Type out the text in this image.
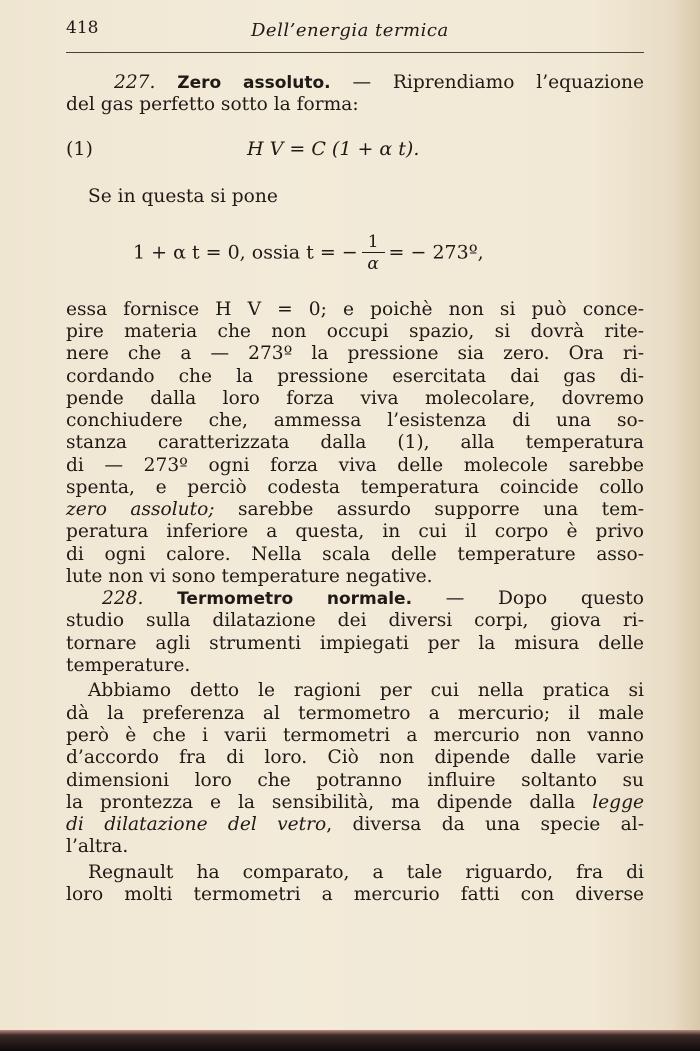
418	Dell’energia termica
227. Zero assoluto. — Riprendiamo l’equazione
del gas perfetto sotto la forma:
(1)	H V = C (1 + α t).
Se in questa si pone
1 + α t = 0, ossia t = − $\frac{1}{\alpha}$ = − 273º,
essa fornisce H V = 0; e poichè non si può conce-
pire materia che non occupi spazio, si dovrà rite-
nere che a — 273º la pressione sia zero. Ora ri-
cordando che la pressione esercitata dai gas di-
pende dalla loro forza viva molecolare, dovremo
conchiudere che, ammessa l’esistenza di una so-
stanza caratterizzata dalla (1), alla temperatura
di — 273º ogni forza viva delle molecole sarebbe
spenta, e perciò codesta temperatura coincide collo
zero assoluto; sarebbe assurdo supporre una tem-
peratura inferiore a questa, in cui il corpo è privo
di ogni calore. Nella scala delle temperature asso-
lute non vi sono temperature negative.
228. Termometro normale. — Dopo questo
studio sulla dilatazione dei diversi corpi, giova ri-
tornare agli strumenti impiegati per la misura delle
temperature.
Abbiamo detto le ragioni per cui nella pratica si
dà la preferenza al termometro a mercurio; il male
però è che i varii termometri a mercurio non vanno
d’accordo fra di loro. Ciò non dipende dalle varie
dimensioni loro che potranno influire soltanto su
la prontezza e la sensibilità, ma dipende dalla legge
di dilatazione del vetro, diversa da una specie al-
l’altra.
Regnault ha comparato, a tale riguardo, fra di
loro molti termometri a mercurio fatti con diverse
